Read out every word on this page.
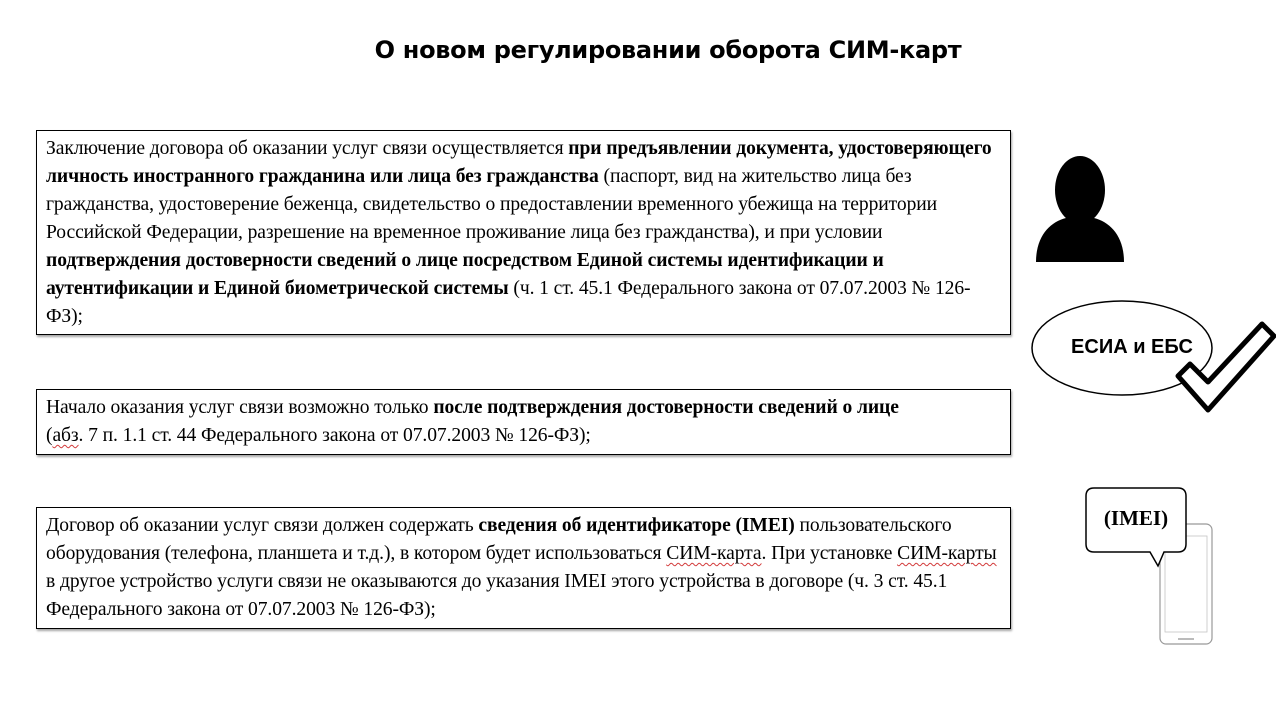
О новом регулировании оборота СИМ-карт
Заключение договора об оказании услуг связи осуществляется при предъявлении документа, удостоверяющего личность иностранного гражданина или лица без гражданства (паспорт, вид на жительство лица без гражданства, удостоверение беженца, свидетельство о предоставлении временного убежища на территории Российской Федерации, разрешение на временное проживание лица без гражданства), и при условии подтверждения достоверности сведений о лице посредством Единой системы идентификации и аутентификации и Единой биометрической системы (ч. 1 ст. 45.1 Федерального закона от 07.07.2003 № 126-ФЗ);
Начало оказания услуг связи возможно только после подтверждения достоверности сведений о лице
(абз. 7 п. 1.1 ст. 44 Федерального закона от 07.07.2003 № 126-ФЗ);
Договор об оказании услуг связи должен содержать сведения об идентификаторе (IMEI) пользовательского оборудования (телефона, планшета и т.д.), в котором будет использоваться СИМ-карта. При установке СИМ-карты в другое устройство услуги связи не оказываются до указания IMEI этого устройства в договоре (ч. 3 ст. 45.1 Федерального закона от 07.07.2003 № 126-ФЗ);
ЕСИА и ЕБС
(IMEI)
